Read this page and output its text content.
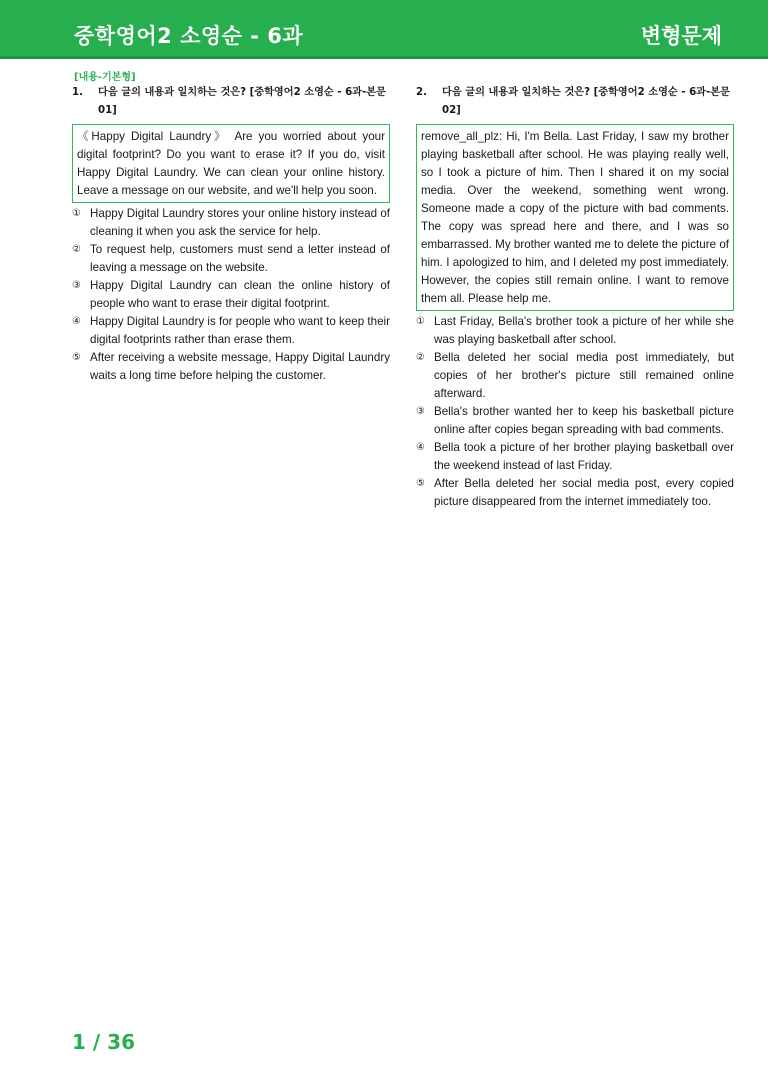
중학영어2 소영순 - 6과	변형문제
[내용-기본형]
1. 다음 글의 내용과 일치하는 것은? [중학영어2 소영순 - 6과-본문 01]
《Happy Digital Laundry》 Are you worried about your digital footprint? Do you want to erase it? If you do, visit Happy Digital Laundry. We can clean your online history. Leave a message on our website, and we'll help you soon.
① Happy Digital Laundry stores your online history instead of cleaning it when you ask the service for help.
② To request help, customers must send a letter instead of leaving a message on the website.
③ Happy Digital Laundry can clean the online history of people who want to erase their digital footprint.
④ Happy Digital Laundry is for people who want to keep their digital footprints rather than erase them.
⑤ After receiving a website message, Happy Digital Laundry waits a long time before helping the customer.
2. 다음 글의 내용과 일치하는 것은? [중학영어2 소영순 - 6과-본문 02]
remove_all_plz: Hi, I'm Bella. Last Friday, I saw my brother playing basketball after school. He was playing really well, so I took a picture of him. Then I shared it on my social media. Over the weekend, something went wrong. Someone made a copy of the picture with bad comments. The copy was spread here and there, and I was so embarrassed. My brother wanted me to delete the picture of him. I apologized to him, and I deleted my post immediately. However, the copies still remain online. I want to remove them all. Please help me.
① Last Friday, Bella's brother took a picture of her while she was playing basketball after school.
② Bella deleted her social media post immediately, but copies of her brother's picture still remained online afterward.
③ Bella's brother wanted her to keep his basketball picture online after copies began spreading with bad comments.
④ Bella took a picture of her brother playing basketball over the weekend instead of last Friday.
⑤ After Bella deleted her social media post, every copied picture disappeared from the internet immediately too.
1 / 36
